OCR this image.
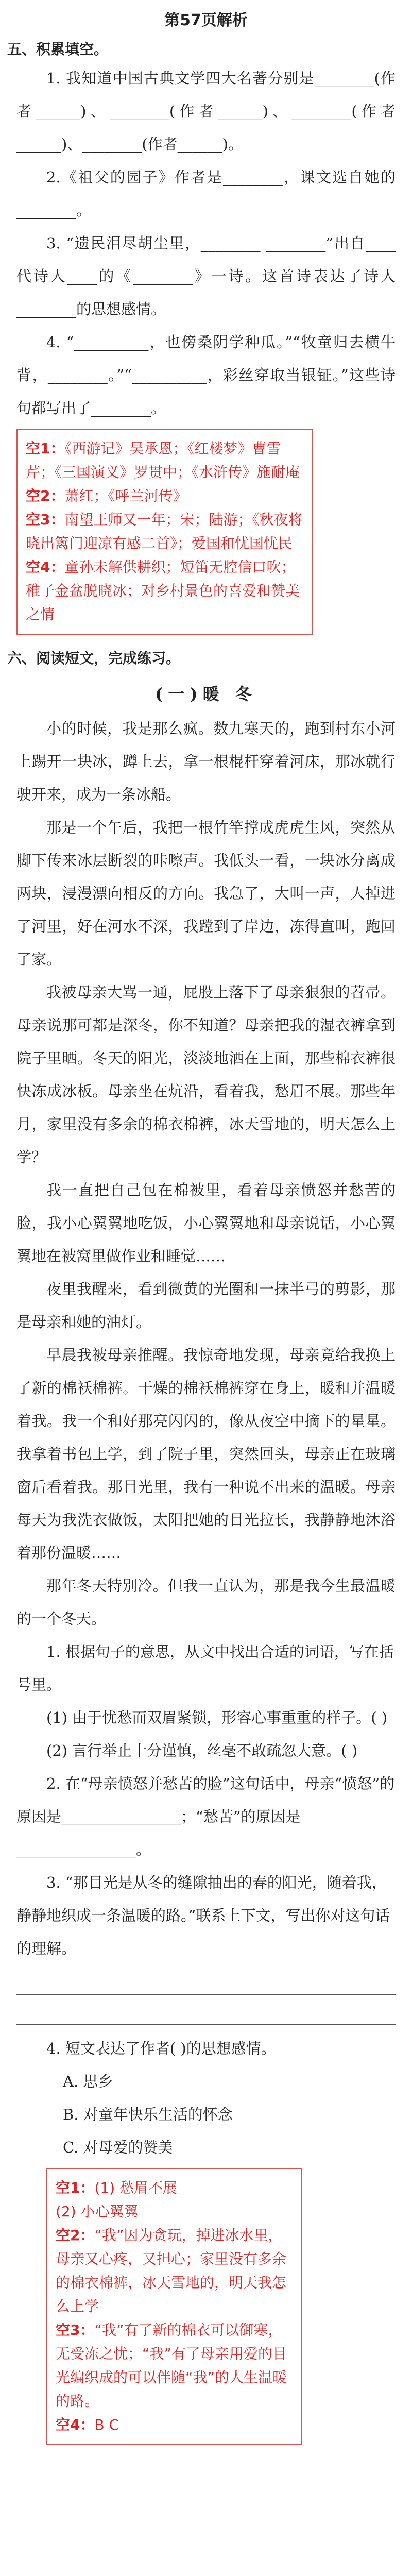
第57页解析
五、积累填空。

1. 我知道中国古典文学四大名著分别是________(作者______)、________(作者______)、________(作者______)、________(作者______)。

2.《祖父的园子》作者是________，课文选自她的________。

3. “遗民泪尽胡尘里，________ ________”出自____代诗人____的《________》一诗。这首诗表达了诗人________的思想感情。

4. “__________，也傍桑阴学种瓜。”“牧童归去横牛背，________。”“__________，彩丝穿取当银钲。”这些诗句都写出了________。

空1：《西游记》吴承恩；《红楼梦》曹雪芹；《三国演义》罗贯中；《水浒传》施耐庵
空2：萧红；《呼兰河传》
空3：南望王师又一年；宋；陆游；《秋夜将晓出篱门迎凉有感二首》；爱国和忧国忧民
空4：童孙未解供耕织；短笛无腔信口吹；稚子金盆脱晓冰；对乡村景色的喜爱和赞美之情
六、阅读短文，完成练习。
(一)暖 冬

小的时候，我是那么疯。数九寒天的，跑到村东小河上踢开一块冰，蹲上去，拿一根棍杆穿着河床，那冰就行驶开来，成为一条冰船。

那是一个午后，我把一根竹竿撑成虎虎生风，突然从脚下传来冰层断裂的咔嚓声。我低头一看，一块冰分离成两块，浸漫漂向相反的方向。我急了，大叫一声，人掉进了河里，好在河水不深，我蹚到了岸边，冻得直叫，跑回了家。

我被母亲大骂一通，屁股上落下了母亲狠狠的苕帚。母亲说那可都是深冬，你不知道？母亲把我的湿衣裤拿到院子里晒。冬天的阳光，淡淡地洒在上面，那些棉衣裤很快冻成冰板。母亲坐在炕沿，看着我，愁眉不展。那些年月，家里没有多余的棉衣棉裤，冰天雪地的，明天怎么上学？

我一直把自己包在棉被里，看着母亲愤怒并愁苦的脸，我小心翼翼地吃饭，小心翼翼地和母亲说话，小心翼翼地在被窝里做作业和睡觉……

夜里我醒来，看到微黄的光圈和一抹半弓的剪影，那是母亲和她的油灯。

早晨我被母亲推醒。我惊奇地发现，母亲竟给我换上了新的棉袄棉裤。干燥的棉袄棉裤穿在身上，暖和并温暖着我。我一个和好那亮闪闪的，像从夜空中摘下的星星。我拿着书包上学，到了院子里，突然回头，母亲正在玻璃窗后看着我。那目光里，我有一种说不出来的温暖。母亲每天为我洗衣做饭，太阳把她的目光拉长，我静静地沐浴着那份温暖……

那年冬天特别冷。但我一直认为，那是我今生最温暖的一个冬天。

1. 根据句子的意思，从文中找出合适的词语，写在括号里。

(1) 由于忧愁而双眉紧锁，形容心事重重的样子。( )

(2) 言行举止十分谨慎，丝毫不敢疏忽大意。( )

2. 在“母亲愤怒并愁苦的脸”这句话中，母亲“愤怒”的原因是________________；“愁苦”的原因是________________。

3. “那目光是从冬的缝隙抽出的春的阳光，随着我，静静地织成一条温暖的路。”联系上下文，写出你对这句话的理解。

4. 短文表达了作者( )的思想感情。

A. 思乡

B. 对童年快乐生活的怀念

C. 对母爱的赞美

空1：(1) 愁眉不展
(2) 小心翼翼
空2：“我”因为贪玩，掉进冰水里，母亲又心疼，又担心；家里没有多余的棉衣棉裤，冰天雪地的，明天我怎么上学
空3：“我”有了新的棉衣可以御寒，无受冻之忧；“我”有了母亲用爱的目光编织成的可以伴随“我”的人生温暖的路。
空4：B C
